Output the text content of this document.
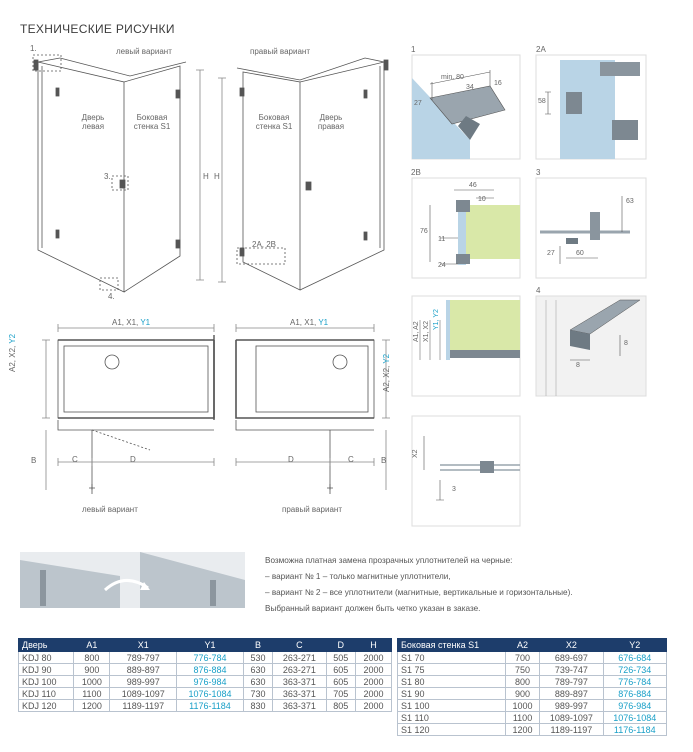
ТЕХНИЧЕСКИЕ РИСУНКИ
левый вариант	правый вариант
Дверь
левая
Боковая
стенка S1
Боковая
стенка S1
Дверь
правая
H H
1.
3.
4.
2A, 2B
A1, X1, Y1	A1, X1, Y1
A2, X2, Y2
A2, X2, Y2
B	B
C	D	D	C
левый вариант	правый вариант
1
min. 80
34
16
27
2A
58
2B
46
10
76
11
24
3
63
27	60
A1, A2 X1, X2
Y1, Y2
4
8
8
X2
3
Возможна платная замена прозрачных уплотнителей на черные:
– вариант № 1 – только магнитные уплотнители,
– вариант № 2 – все уплотнители (магнитные, вертикальные и горизонтальные).
Выбранный вариант должен быть четко указан в заказе.
Дверь	A1	X1	Y1	B	C	D	H
KDJ 80	800	789-797	776-784	530	263-271	505	2000
KDJ 90	900	889-897	876-884	630	263-271	605	2000
KDJ 100	1000	989-997	976-984	630	363-371	605	2000
KDJ 110	1100	1089-1097	1076-1084	730	363-371	705	2000
KDJ 120	1200	1189-1197	1176-1184	830	363-371	805	2000
Боковая стенка S1	A2	X2	Y2
S1 70	700	689-697	676-684
S1 75	750	739-747	726-734
S1 80	800	789-797	776-784
S1 90	900	889-897	876-884
S1 100	1000	989-997	976-984
S1 110	1100	1089-1097	1076-1084
S1 120	1200	1189-1197	1176-1184
